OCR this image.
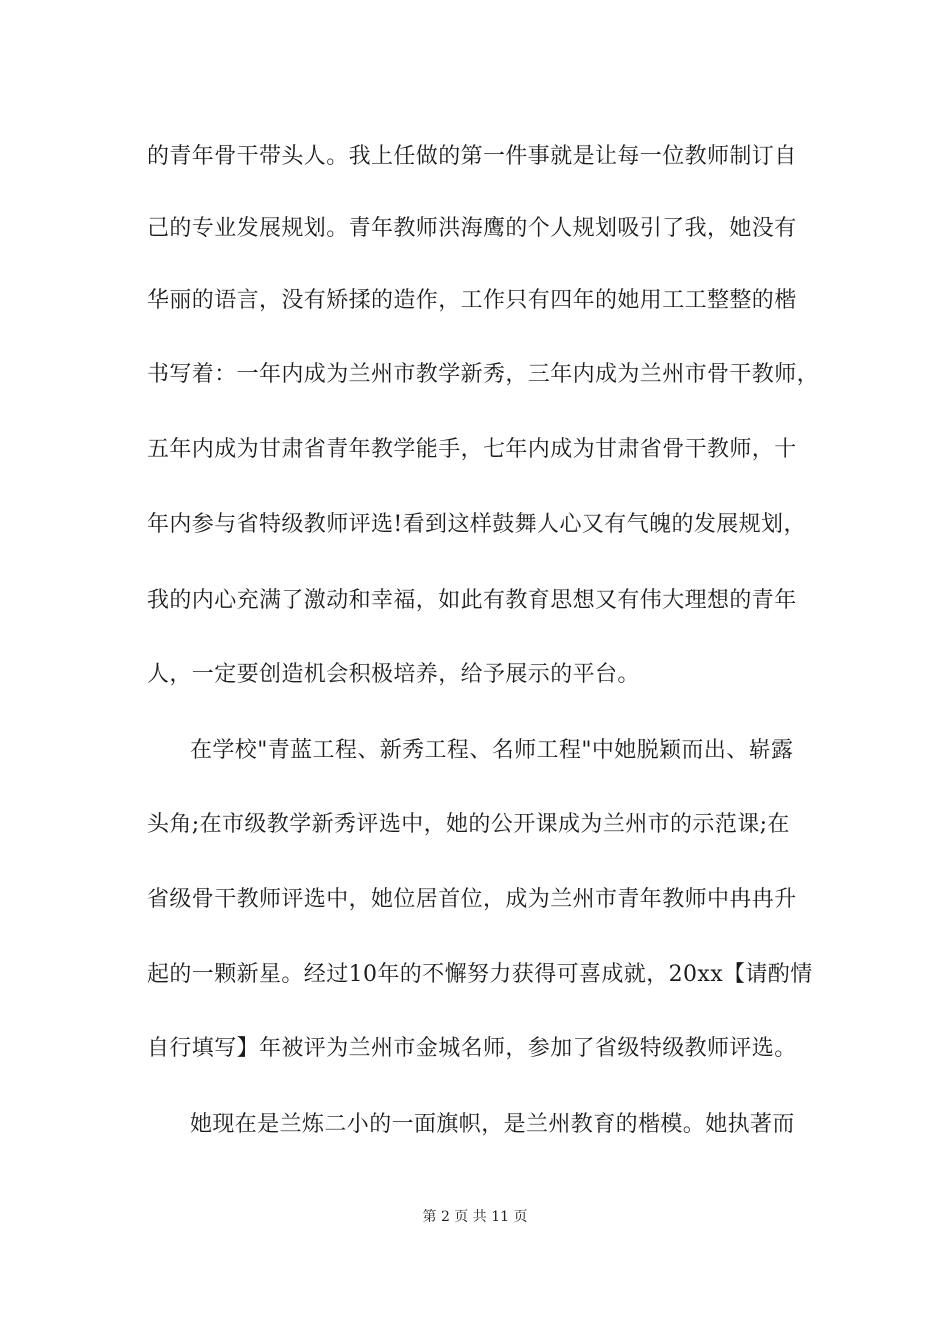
的青年骨干带头人。我上任做的第一件事就是让每一位教师制订自
己的专业发展规划。青年教师洪海鹰的个人规划吸引了我，她没有
华丽的语言，没有矫揉的造作，工作只有四年的她用工工整整的楷
书写着：一年内成为兰州市教学新秀，三年内成为兰州市骨干教师，
五年内成为甘肃省青年教学能手，七年内成为甘肃省骨干教师，十
年内参与省特级教师评选!看到这样鼓舞人心又有气魄的发展规划，
我的内心充满了激动和幸福，如此有教育思想又有伟大理想的青年
人，一定要创造机会积极培养，给予展示的平台。
在学校"青蓝工程、新秀工程、名师工程"中她脱颖而出、崭露
头角;在市级教学新秀评选中，她的公开课成为兰州市的示范课;在
省级骨干教师评选中，她位居首位，成为兰州市青年教师中冉冉升
起的一颗新星。经过10年的不懈努力获得可喜成就，20xx【请酌情
自行填写】年被评为兰州市金城名师，参加了省级特级教师评选。
她现在是兰炼二小的一面旗帜，是兰州教育的楷模。她执著而
第 2 页 共 11 页
